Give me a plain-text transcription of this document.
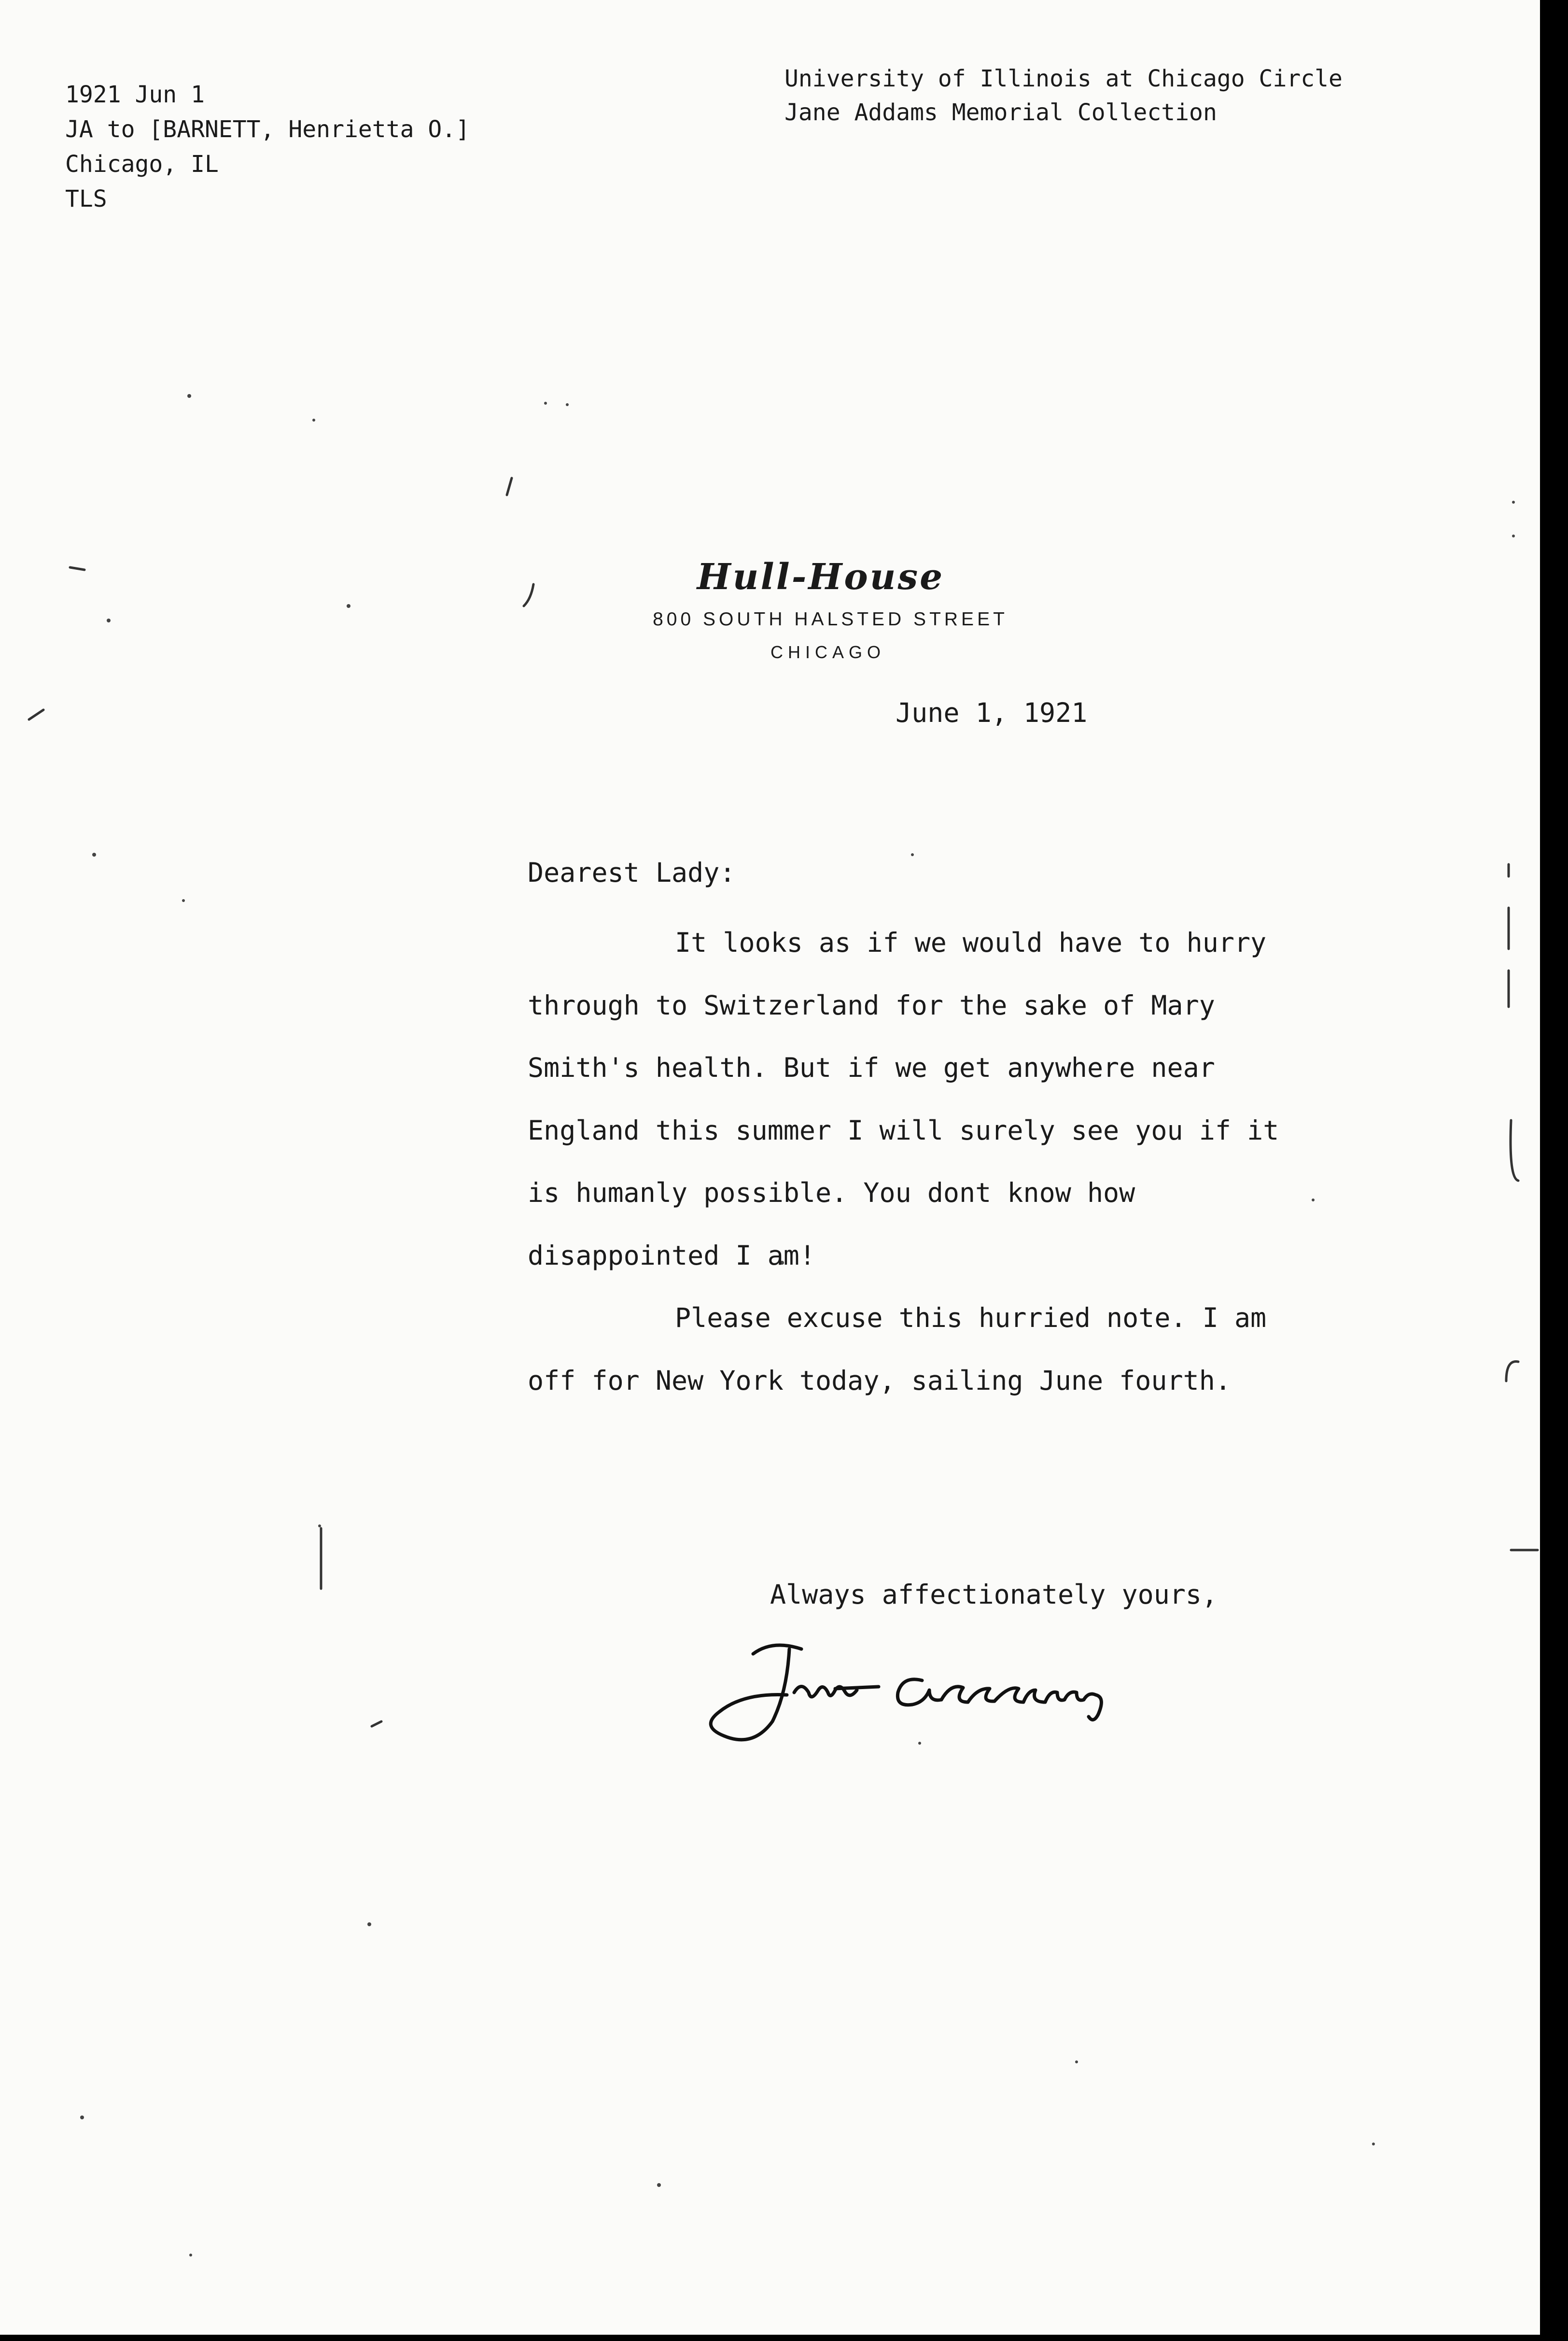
1921 Jun 1
JA to [BARNETT, Henrietta O.]
Chicago, IL
TLS
University of Illinois at Chicago Circle
Jane Addams Memorial Collection
Hull-House
800 SOUTH HALSTED STREET
CHICAGO
June 1, 1921
Dearest Lady:

It looks as if we would have to hurry through to Switzerland for the sake of Mary Smith's health. But if we get anywhere near England this summer I will surely see you if it is humanly possible. You dont know how disappointed I am!

Please excuse this hurried note. I am off for New York today, sailing June fourth.

Always affectionately yours,
